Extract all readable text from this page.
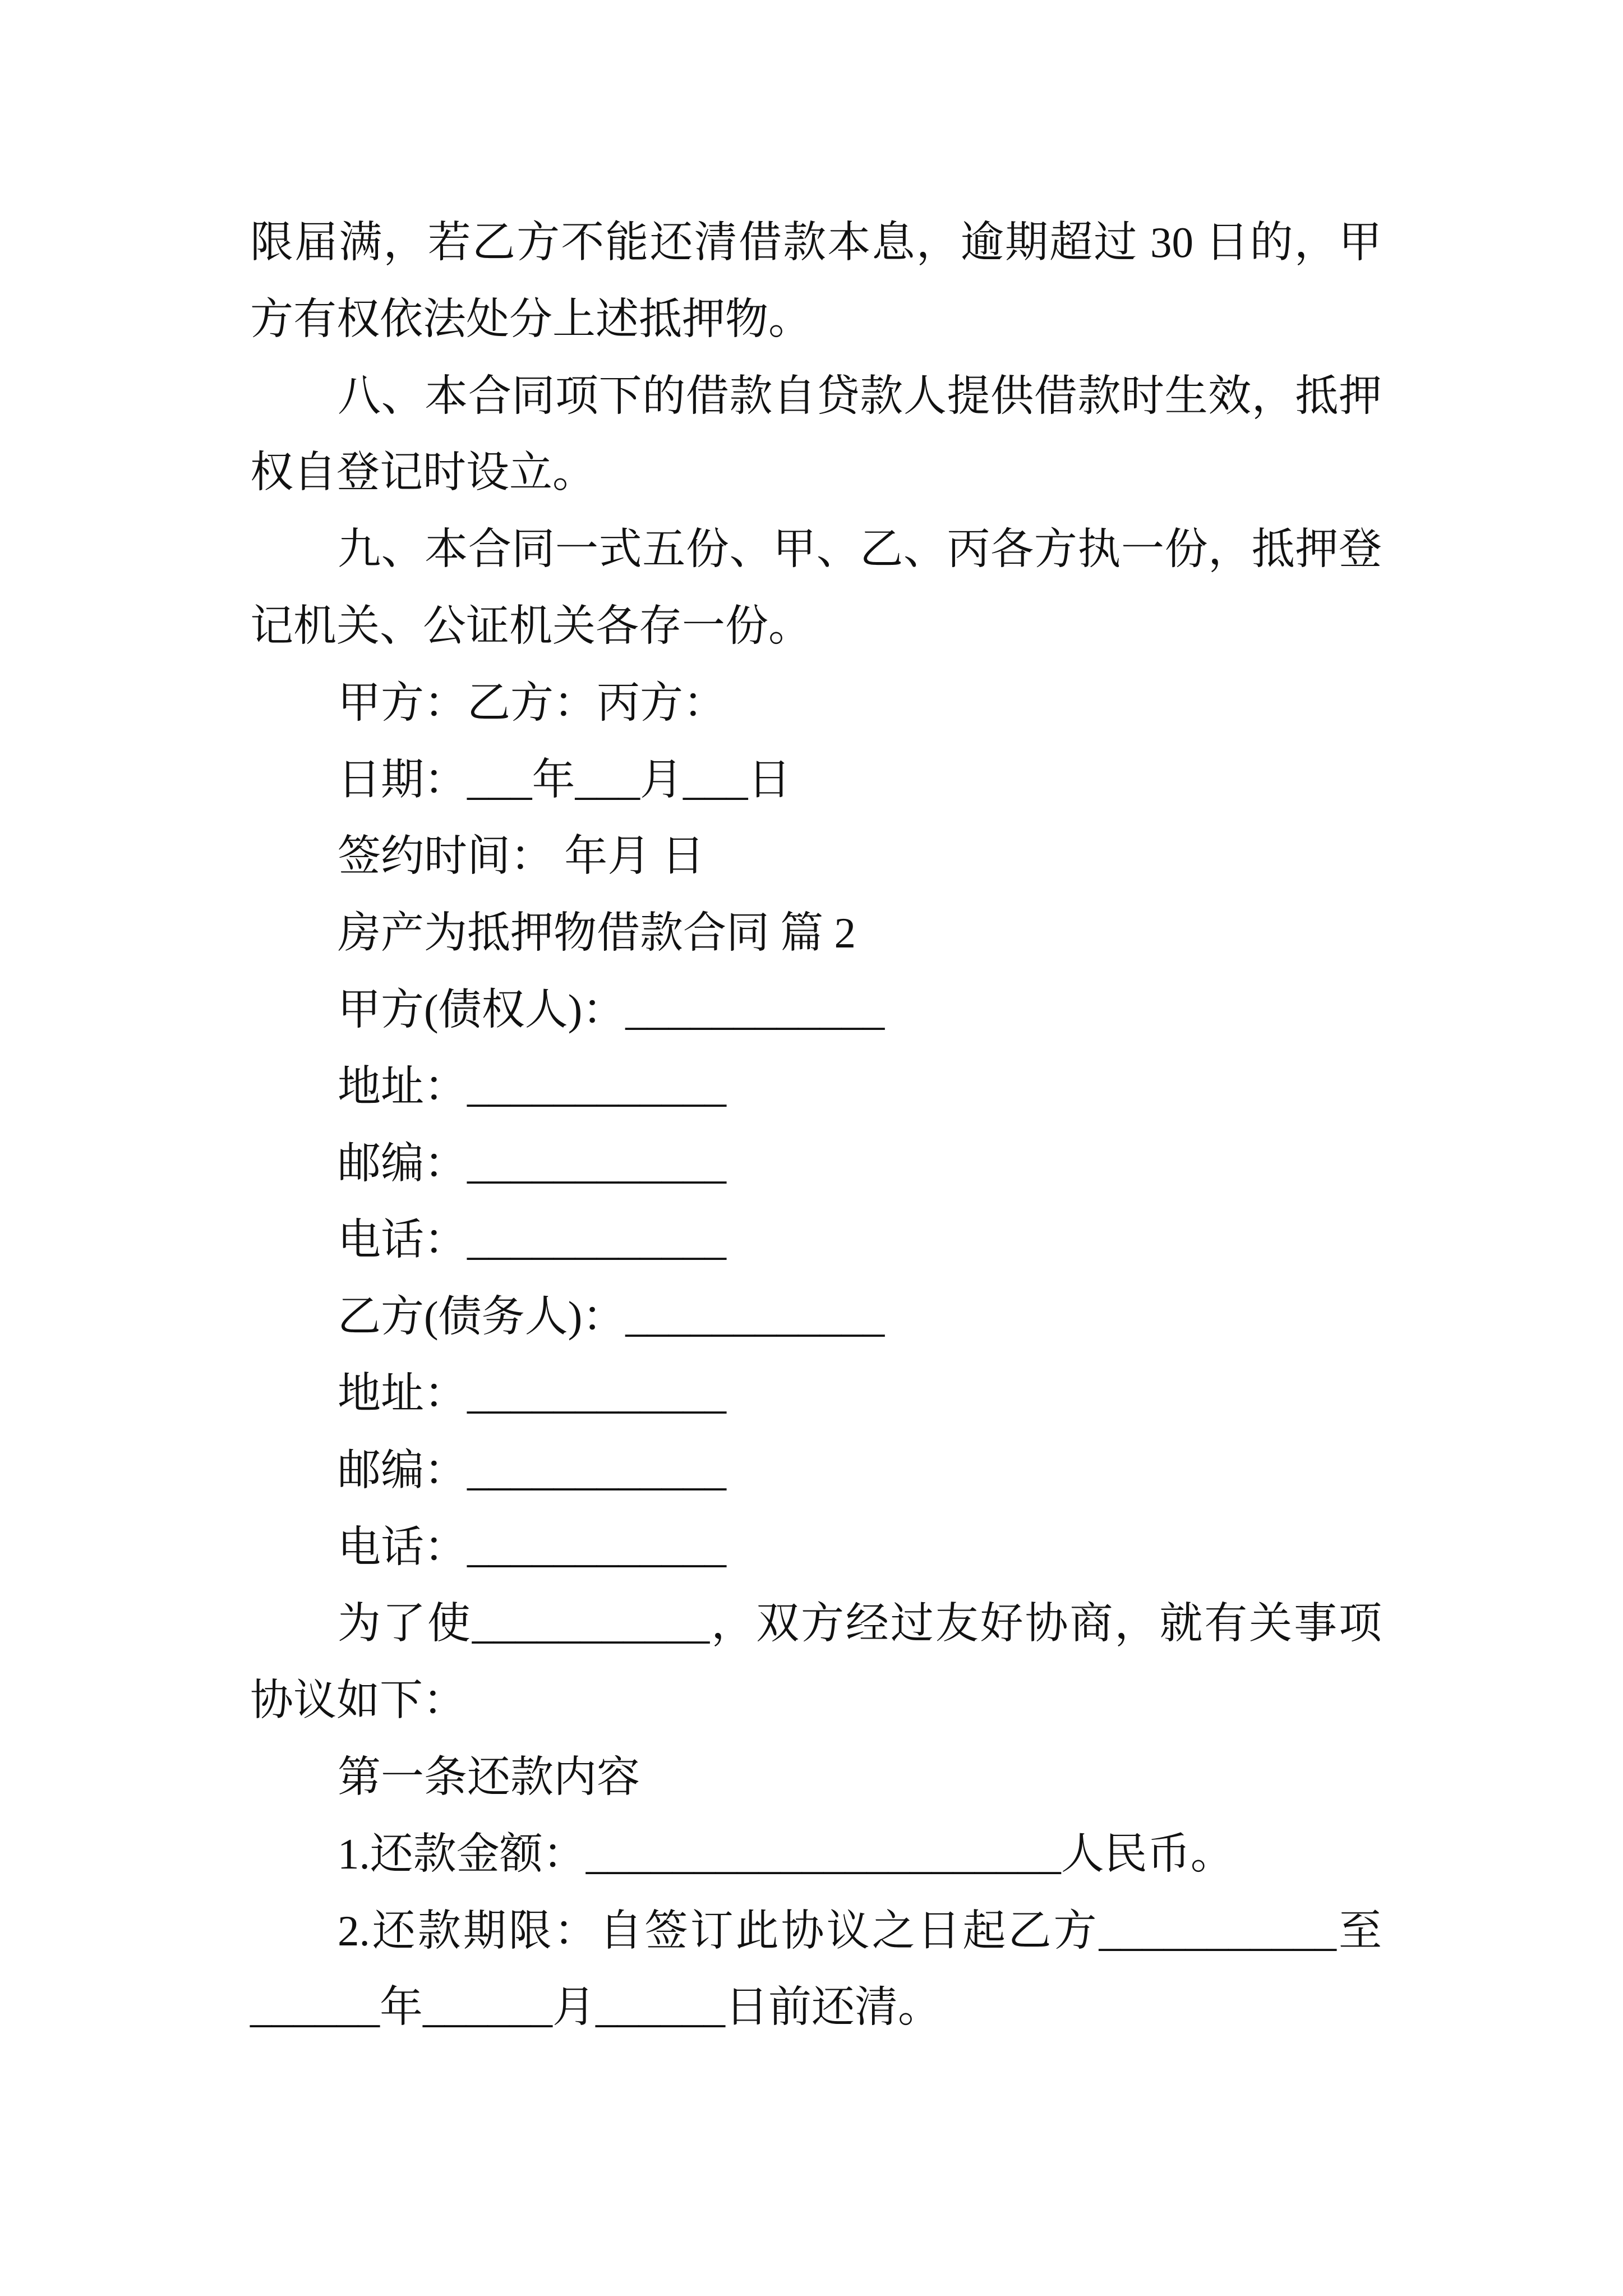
限届满，若乙方不能还清借款本息，逾期超过 30 日的，甲
方有权依法处分上述抵押物。
八、本合同项下的借款自贷款人提供借款时生效，抵押
权自登记时设立。
九、本合同一式五份、甲、乙、丙各方执一份，抵押登
记机关、公证机关各存一份。
甲方：乙方：丙方：
日期：___年___月___日
签约时间： 年月 日
房产为抵押物借款合同 篇 2
甲方(债权人)：____________
地址：____________
邮编：____________
电话：____________
乙方(债务人)：____________
地址：____________
邮编：____________
电话：____________
为了使___________，双方经过友好协商，就有关事项
协议如下：
第一条还款内容
1.还款金额：______________________人民币。
2.还款期限：自签订此协议之日起乙方___________至
______年______月______日前还清。
